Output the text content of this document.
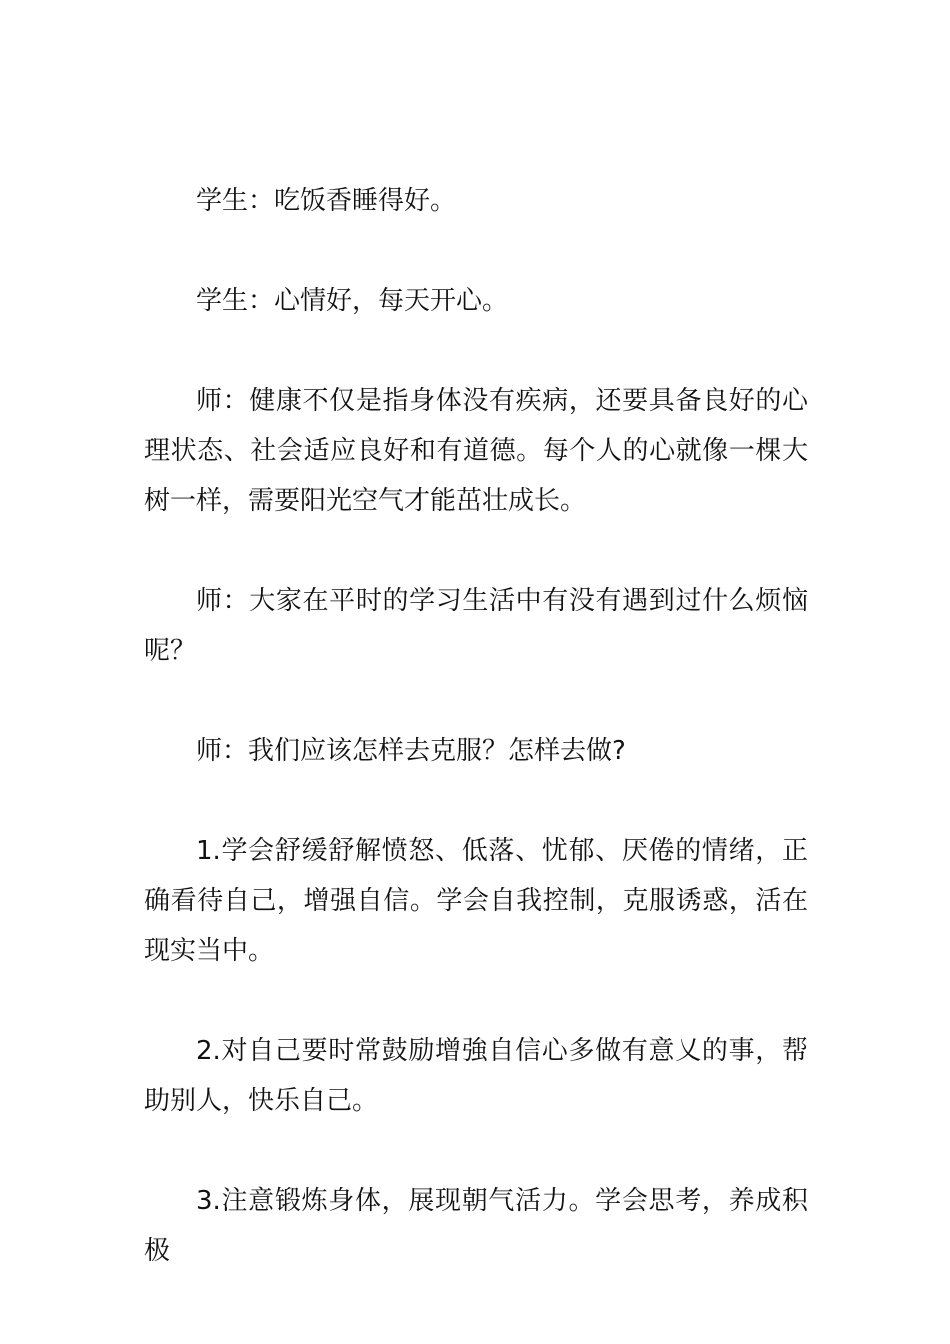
学生：吃饭香睡得好。

学生：心情好，每天开心。

师：健康不仅是指身体没有疾病，还要具备良好的心理状态、社会适应良好和有道德。每个人的心就像一棵大树一样，需要阳光空气才能茁壮成长。

师：大家在平时的学习生活中有没有遇到过什么烦恼呢？

师：我们应该怎样去克服？怎样去做?

1.学会舒缓舒解愤怒、低落、忧郁、厌倦的情绪，正确看待自己，增强自信。学会自我控制，克服诱惑，活在现实当中。

2.对自己要时常鼓励增強自信心多做有意乂的事，帮助别人，快乐自己。

3.注意锻炼身体，展现朝气活力。学会思考，养成积极
